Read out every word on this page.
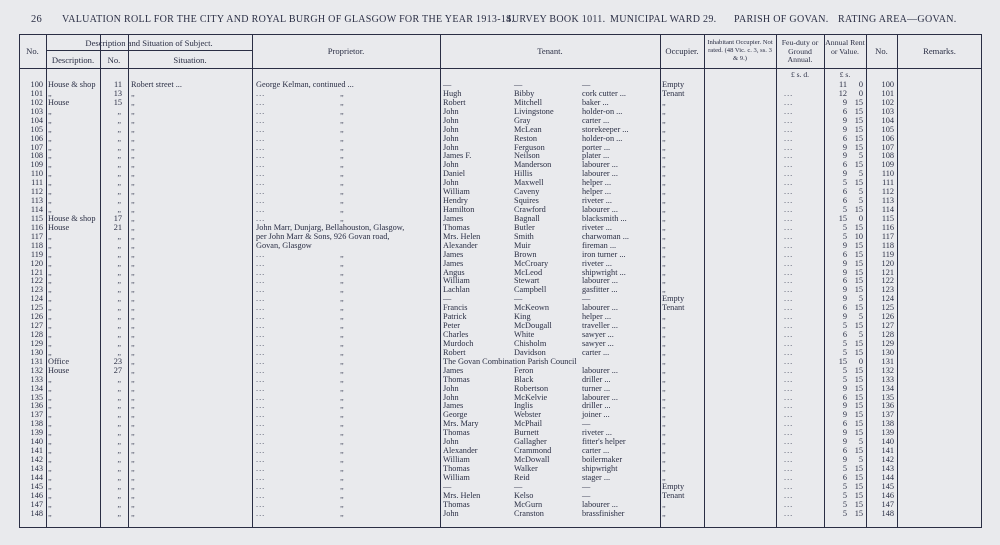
26 VALUATION ROLL FOR THE CITY AND ROYAL BURGH OF GLASGOW FOR THE YEAR 1913-14.
SURVEY BOOK 1011. MUNICIPAL WARD 29. PARISH OF GOVAN. RATING AREA—GOVAN.
No.
Description and Situation of Subject.
Description.	No.	Situation.
Proprietor.	Tenant.	Occupier.
Inhabitant Occupier. Not rated. (48 Vic. c. 3, ss. 3 & 9.)
Feu-duty or Ground Annual.
Annual Rent or Value.	No.	Remarks.
£ s. d.	£ s.
100 House & shop	11 Robert street ...	George Kelman, continued ...	—	—	—	Empty	11	0	100
101 „	13 „	...	„	Hugh	Bibby	cork cutter ...	Tenant	...	12	0	101
102 House	15 „	...	„	Robert	Mitchell	baker ...	„	...	9 15	102
103 „	„ „	...	„	John	Livingstone	holder-on ...	„	...	6 15	103
104 „	„ „	...	„	John	Gray	carter ...	„	...	9 15	104
105 „	„ „	...	„	John	McLean	storekeeper ...	„	...	9 15	105
106 „	„ „	...	„	John	Reston	holder-on ...	„	...	6 15	106
107 „	„ „	...	„	John	Ferguson	porter ...	„	...	9 15	107
108 „	„ „	...	„	James F.	Neilson	plater ...	„	...	9	5	108
109 „	„ „	...	„	John	Manderson	labourer ...	„	...	6 15	109
110 „	„ „	...	„	Daniel	Hillis	labourer ...	„	...	9	5	110
111 „	„ „	...	„	John	Maxwell	helper ...	„	...	5 15	111
112 „	„ „	...	„	William	Caveny	helper ...	„	...	6	5	112
113 „	„ „	...	„	Hendry	Squires	riveter ...	„	...	6	5	113
114 „	„ „	...	„	Hamilton	Crawford	labourer ...	„	...	5 15	114
115 House & shop	17 „	...	„	James	Bagnall	blacksmith ...	„	...	15	0	115
116 House	21 „	John Marr, Dunjarg, Bellahouston, Glasgow,	Thomas	Butler	riveter ...	„	...	5 15	116
117 „	„ „	per John Marr & Sons, 926 Govan road,	Mrs. Helen	Smith	charwoman ...	„	...	5 10	117
118 „	„ „	Govan, Glasgow	Alexander	Muir	fireman ...	„	...	9 15	118
119 „	„ „	...	„	James	Brown	iron turner ...	„	...	6 15	119
120 „	„ „	...	„	James	McCroary	riveter ...	„	...	9 15	120
121 „	„ „	...	„	Angus	McLeod	shipwright ...	„	...	9 15	121
122 „	„ „	...	„	William	Stewart	labourer ...	„	...	6 15	122
123 „	„ „	...	„	Lachlan	Campbell	gasfitter ...	„	...	9 15	123
124 „	„ „	...	„	—	—	—	Empty	...	9	5	124
125 „	„ „	...	„	Francis	McKeown	labourer ...	Tenant	...	6 15	125
126 „	„ „	...	„	Patrick	King	helper ...	„	...	9	5	126
127 „	„ „	...	„	Peter	McDougall	traveller ...	„	...	5 15	127
128 „	„ „	...	„	Charles	White	sawyer ...	„	...	6	5	128
129 „	„ „	...	„	Murdoch	Chisholm	sawyer ...	„	...	5 15	129
130 „	„ „	...	„	Robert	Davidson	carter ...	„	...	5 15	130
131 Office	23 „	...	„	The Govan Combination Parish Council	„	...	15	0	131
132 House	27 „	...	„	James	Feron	labourer ...	„	...	5 15	132
133 „	„ „	...	„	Thomas	Black	driller ...	„	...	5 15	133
134 „	„ „	...	„	John	Robertson	turner ...	„	...	9 15	134
135 „	„ „	...	„	John	McKelvie	labourer ...	„	...	6 15	135
136 „	„ „	...	„	James	Inglis	driller ...	„	...	9 15	136
137 „	„ „	...	„	George	Webster	joiner ...	„	...	9 15	137
138 „	„ „	...	„	Mrs. Mary	McPhail	—	„	...	6 15	138
139 „	„ „	...	„	Thomas	Burnett	riveter ...	„	...	9 15	139
140 „	„ „	...	„	John	Gallagher	fitter's helper	„	...	9	5	140
141 „	„ „	...	„	Alexander	Crammond	carter ...	„	...	6 15	141
142 „	„ „	...	„	William	McDowall	boilermaker	„	...	9	5	142
143 „	„ „	...	„	Thomas	Walker	shipwright	„	...	5 15	143
144 „	„ „	...	„	William	Reid	stager ...	„	...	6 15	144
145 „	„ „	...	„	—	—	—	Empty	...	5 15	145
146 „	„ „	...	„	Mrs. Helen	Kelso	—	Tenant	...	5 15	146
147 „	„ „	...	„	Thomas	McGurn	labourer ...	„	...	5 15	147
148 „	„ „	...	„	John	Cranston	brassfinisher	„	...	5 15	148
